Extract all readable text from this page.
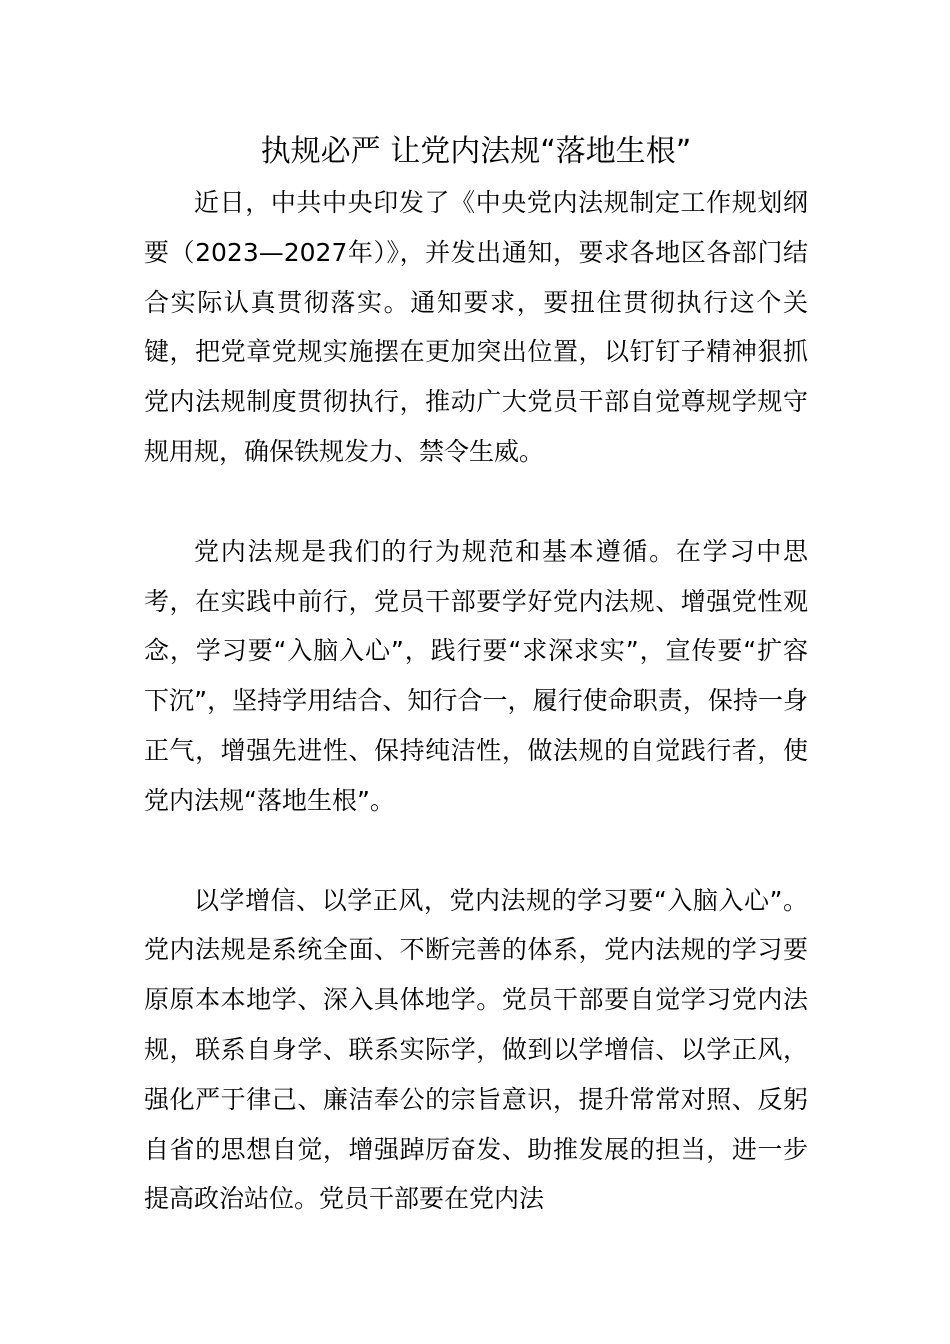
执规必严 让党内法规“落地生根”

近日，中共中央印发了《中央党内法规制定工作规划纲要（2023—2027年）》，并发出通知，要求各地区各部门结合实际认真贯彻落实。通知要求，要扭住贯彻执行这个关键，把党章党规实施摆在更加突出位置，以钉钉子精神狠抓党内法规制度贯彻执行，推动广大党员干部自觉尊规学规守规用规，确保铁规发力、禁令生威。

党内法规是我们的行为规范和基本遵循。在学习中思考，在实践中前行，党员干部要学好党内法规、增强党性观念，学习要“入脑入心”，践行要“求深求实”，宣传要“扩容下沉”，坚持学用结合、知行合一，履行使命职责，保持一身正气，增强先进性、保持纯洁性，做法规的自觉践行者，使党内法规“落地生根”。

以学增信、以学正风，党内法规的学习要“入脑入心”。党内法规是系统全面、不断完善的体系，党内法规的学习要原原本本地学、深入具体地学。党员干部要自觉学习党内法规，联系自身学、联系实际学，做到以学增信、以学正风，强化严于律己、廉洁奉公的宗旨意识，提升常常对照、反躬自省的思想自觉，增强踔厉奋发、助推发展的担当，进一步提高政治站位。党员干部要在党内法
